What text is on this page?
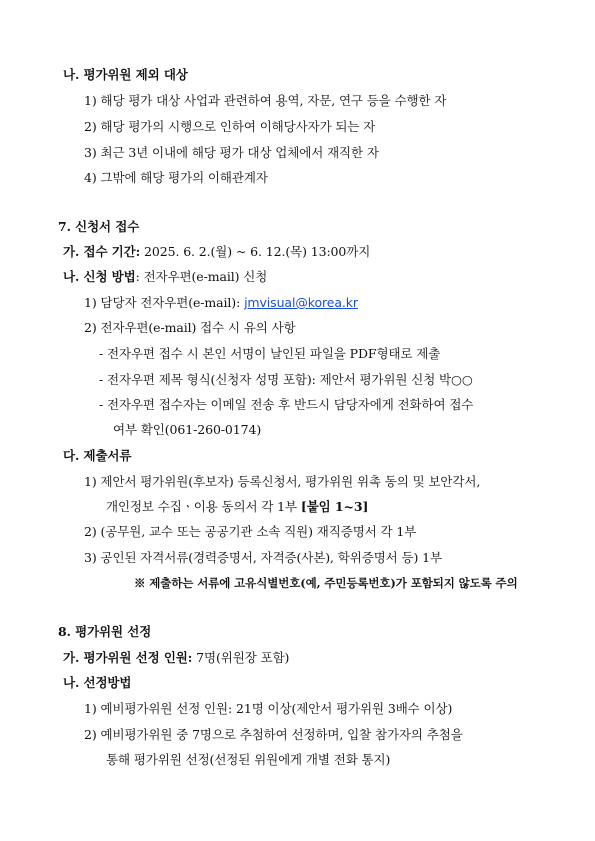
나. 평가위원 제외 대상
1) 해당 평가 대상 사업과 관련하여 용역, 자문, 연구 등을 수행한 자
2) 해당 평가의 시행으로 인하여 이해당사자가 되는 자
3) 최근 3년 이내에 해당 평가 대상 업체에서 재직한 자
4) 그밖에 해당 평가의 이해관계자
7. 신청서 접수
가. 접수 기간: 2025. 6. 2.(월) ~ 6. 12.(목) 13:00까지
나. 신청 방법: 전자우편(e-mail) 신청
1) 담당자 전자우편(e-mail): jmvisual@korea.kr
2) 전자우편(e-mail) 접수 시 유의 사항
- 전자우편 접수 시 본인 서명이 날인된 파일을 PDF형태로 제출
- 전자우편 제목 형식(신청자 성명 포함): 제안서 평가위원 신청 박○○
- 전자우편 접수자는 이메일 전송 후 반드시 담당자에게 전화하여 접수
여부 확인(061-260-0174)
다. 제출서류
1) 제안서 평가위원(후보자) 등록신청서, 평가위원 위촉 동의 및 보안각서,
개인정보 수집ㆍ이용 동의서 각 1부 [붙임 1~3]
2) (공무원, 교수 또는 공공기관 소속 직원) 재직증명서 각 1부
3) 공인된 자격서류(경력증명서, 자격증(사본), 학위증명서 등) 1부
※ 제출하는 서류에 고유식별번호(예, 주민등록번호)가 포함되지 않도록 주의
8. 평가위원 선정
가. 평가위원 선정 인원: 7명(위원장 포함)
나. 선정방법
1) 예비평가위원 선정 인원: 21명 이상(제안서 평가위원 3배수 이상)
2) 예비평가위원 중 7명으로 추첨하여 선정하며, 입찰 참가자의 추첨을
통해 평가위원 선정(선정된 위원에게 개별 전화 통지)
